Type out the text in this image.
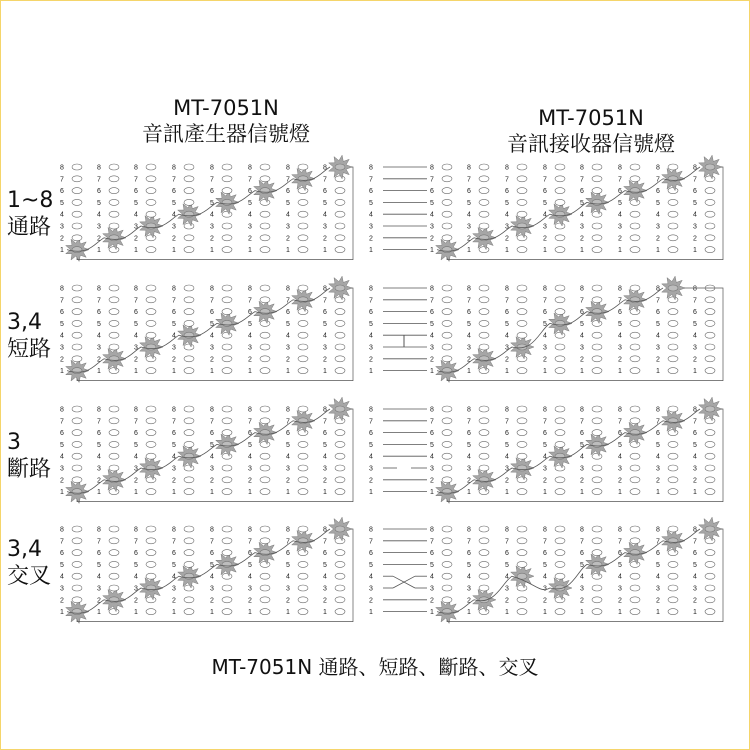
MT-7051N
音訊產生器信號燈
MT-7051N
音訊接收器信號燈
1~8
通路
3,4
短路
3
斷路
3,4
交叉
1
2
3
4
5
6
7
8
1
2
3
4
5
6
7
8
1
2
3
4
5
6
7
8
1
2
3
4
5
6
7
8
1
2
3
4
5
6
7
8
1
2
3
4
5
6
7
8
1
2
3
4
5
6
7
8
1
2
3
4
5
6
7
8
1
2
3
4
5
6
7
8
1
2
3
4
5
6
7
8
1
2
3
4
5
6
7
8
1
2
3
4
5
6
7
8
1
2
3
4
5
6
7
8
1
2
3
4
5
6
7
8
1
2
3
4
5
6
7
8
1
2
3
4
5
6
7
8
1
2
3
4
5
6
7
8
1
2
3
4
5
6
7
8
1
2
3
4
5
6
7
8
1
2
3
4
5
6
7
8
1
2
3
4
5
6
7
8
1
2
3
4
5
6
7
8
1
2
3
4
5
6
7
8
1
2
3
4
5
6
7
8
1
2
3
4
5
6
7
8
1
2
3
4
5
6
7
8
1
2
3
4
5
6
7
8
1
2
3
4
5
6
7
8
1
2
3
4
5
6
7
8
1
2
3
4
5
6
7
8
1
2
3
4
5
6
7
8
1
2
3
4
5
6
7
8
1
2
3
4
5
6
7
8
1
2
3
4
5
6
7
8
1
2
3
4
5
6
7
8
1
2
3
4
5
6
7
8
1
2
3
4
5
6
7
8
1
2
3
4
5
6
7
8
1
2
3
4
5
6
7
8
1
2
3
4
5
6
7
8
1
2
3
4
5
6
7
8
1
2
3
4
5
6
7
8
1
2
3
4
5
6
7
8
1
2
3
4
5
6
7
8
1
2
3
4
5
6
7
8
1
2
3
4
5
6
7
8
1
2
3
4
5
6
7
8
1
2
3
4
5
6
7
8
1
2
3
4
5
6
7
8
1
2
3
4
5
6
7
8
1
2
3
4
5
6
7
8
1
2
3
4
5
6
7
8
1
2
3
4
5
6
7
8
1
2
3
4
5
6
7
8
1
2
3
4
5
6
7
8
1
2
3
4
5
6
7
8
1
2
3
4
5
6
7
8
1
2
3
4
5
6
7
8
1
2
3
4
5
6
7
8
1
2
3
4
5
6
7
8
1
2
3
4
5
6
7
8
1
2
3
4
5
6
7
8
1
2
3
4
5
6
7
8
1
2
3
4
5
6
7
8
1
2
3
4
5
6
7
8
1
2
3
4
5
6
7
8
1
2
3
4
5
6
7
8
1
2
3
4
5
6
7
8
MT-7051N 通路、短路、斷路、交叉
